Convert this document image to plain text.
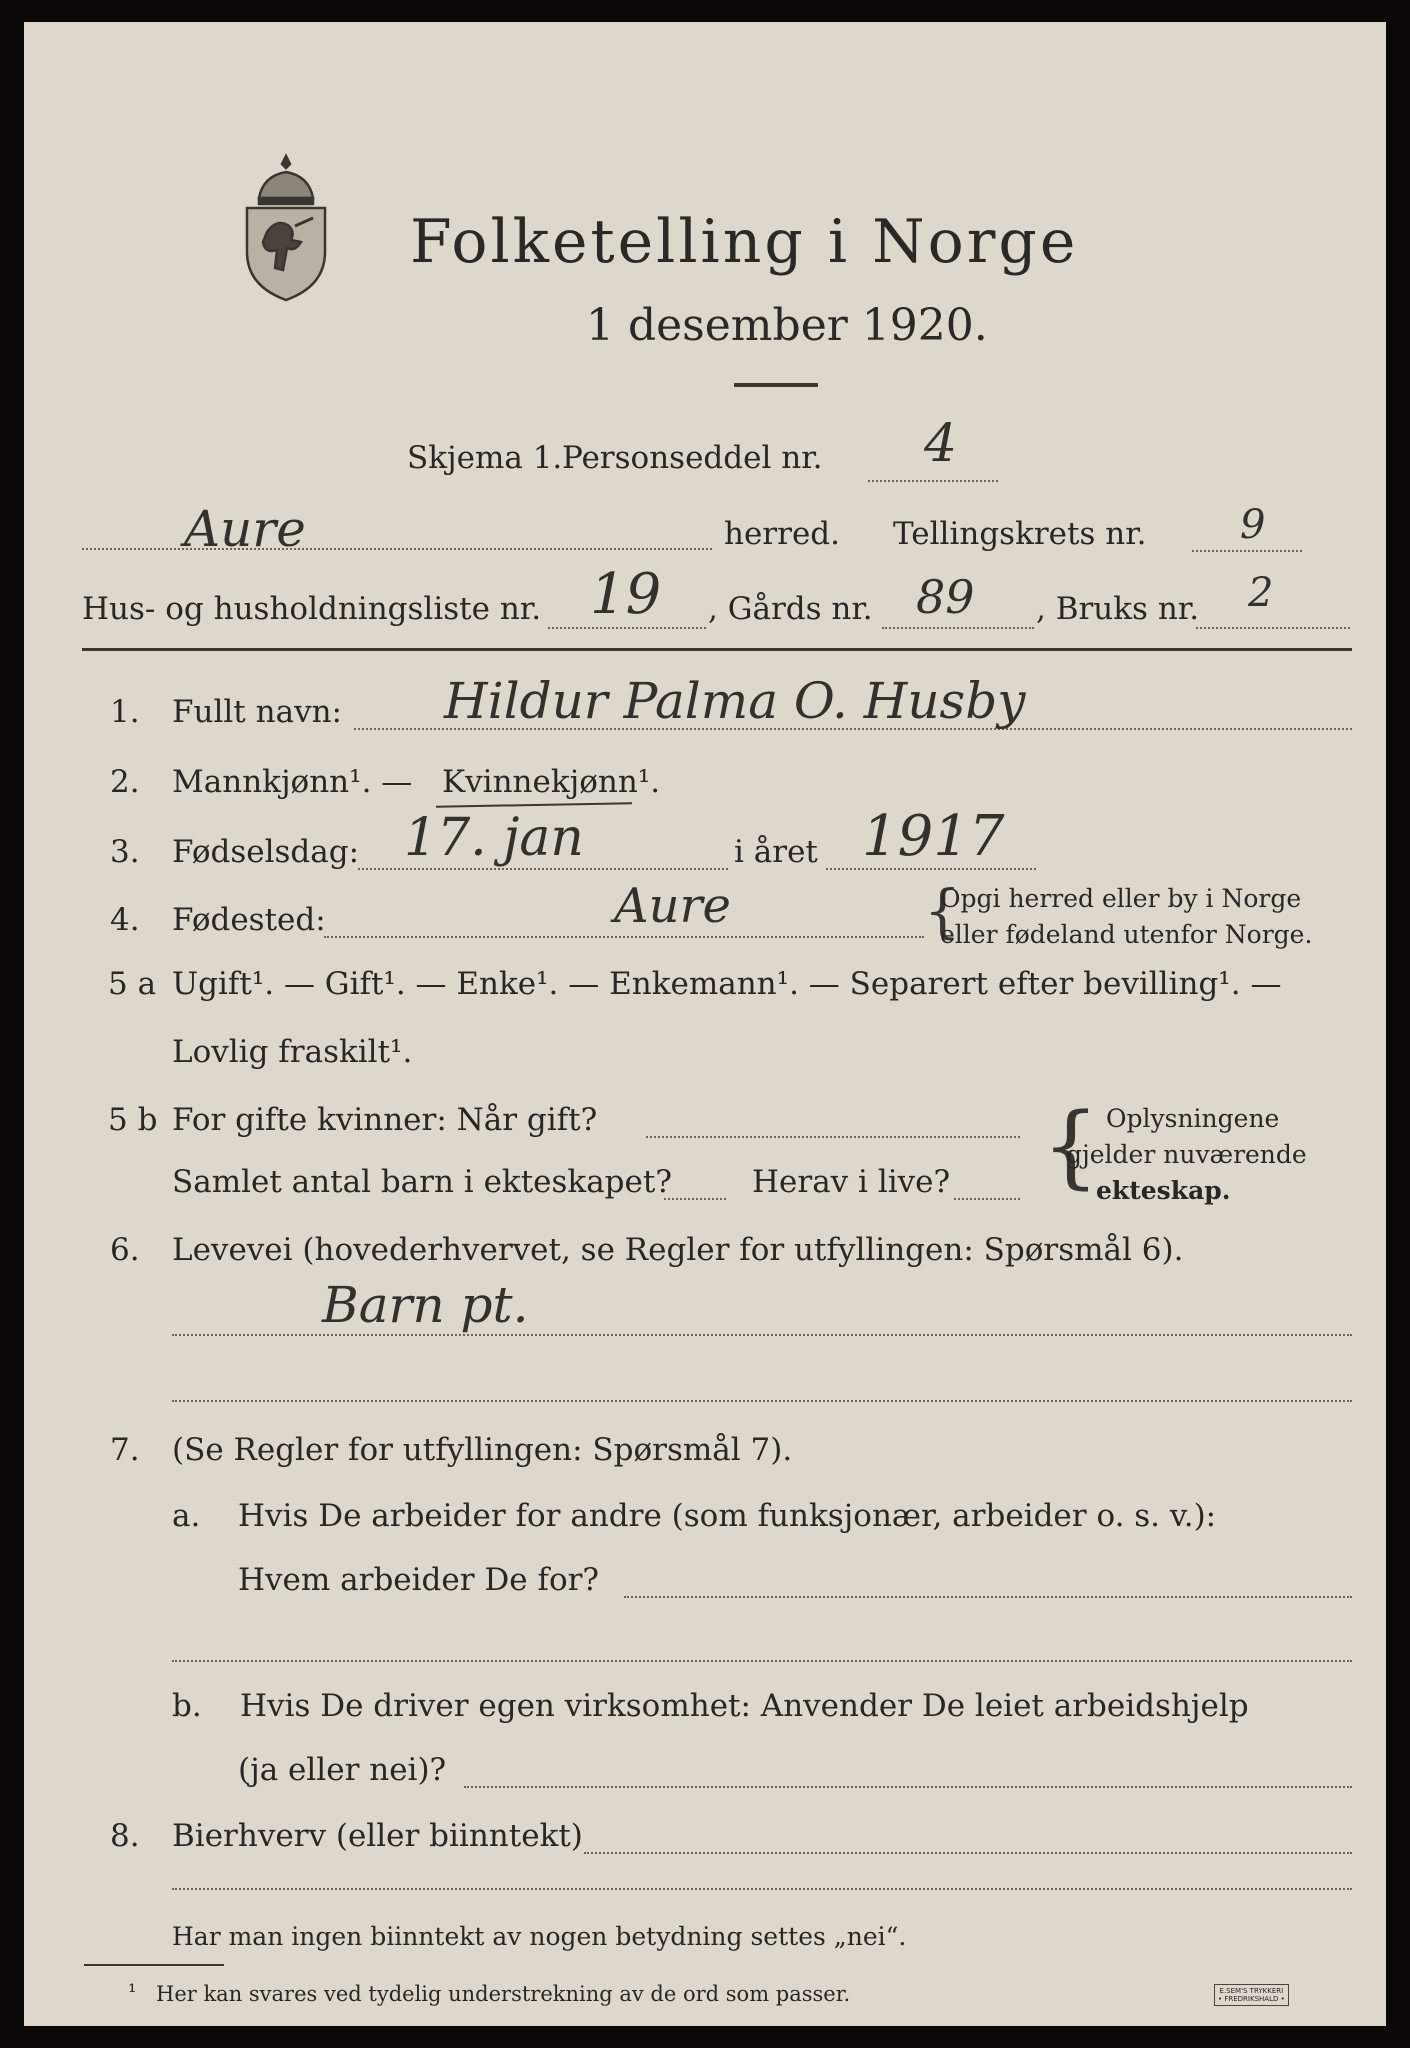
Folketelling i Norge
1 desember 1920.
Skjema 1. Personseddel nr. 4
Aure	herred. Tellingskrets nr. 9
Hus- og husholdningsliste nr. 19 , Gårds nr. 89 , Bruks nr. 2
1. Fullt navn: Hildur Palma O. Husby
2. Mannkjønn¹. — Kvinnekjønn¹.
3. Fødselsdag: 17. jan	i året 1917
4. Fødested:	Aure	{
Opgi herred eller by i Norge
eller fødeland utenfor Norge.
5 a Ugift¹. — Gift¹. — Enke¹. — Enkemann¹. — Separert efter bevilling¹. —
Lovlig fraskilt¹.
5 b For gifte kvinner: Når gift?
Samlet antal barn i ekteskapet?	Herav i live? { Oplysningene
gjelder nuværende
ekteskap.
6. Levevei (hovederhvervet, se Regler for utfyllingen: Spørsmål 6).
Barn pt.
7. (Se Regler for utfyllingen: Spørsmål 7).
a. Hvis De arbeider for andre (som funksjonær, arbeider o. s. v.):
Hvem arbeider De for?
b. Hvis De driver egen virksomhet: Anvender De leiet arbeidshjelp
(ja eller nei)?
8. Bierhverv (eller biinntekt)
Har man ingen biinntekt av nogen betydning settes „nei“.
¹ Her kan svares ved tydelig understrekning av de ord som passer.	E.SEM'S TRYKKERI
• FREDRIKSHALD •
